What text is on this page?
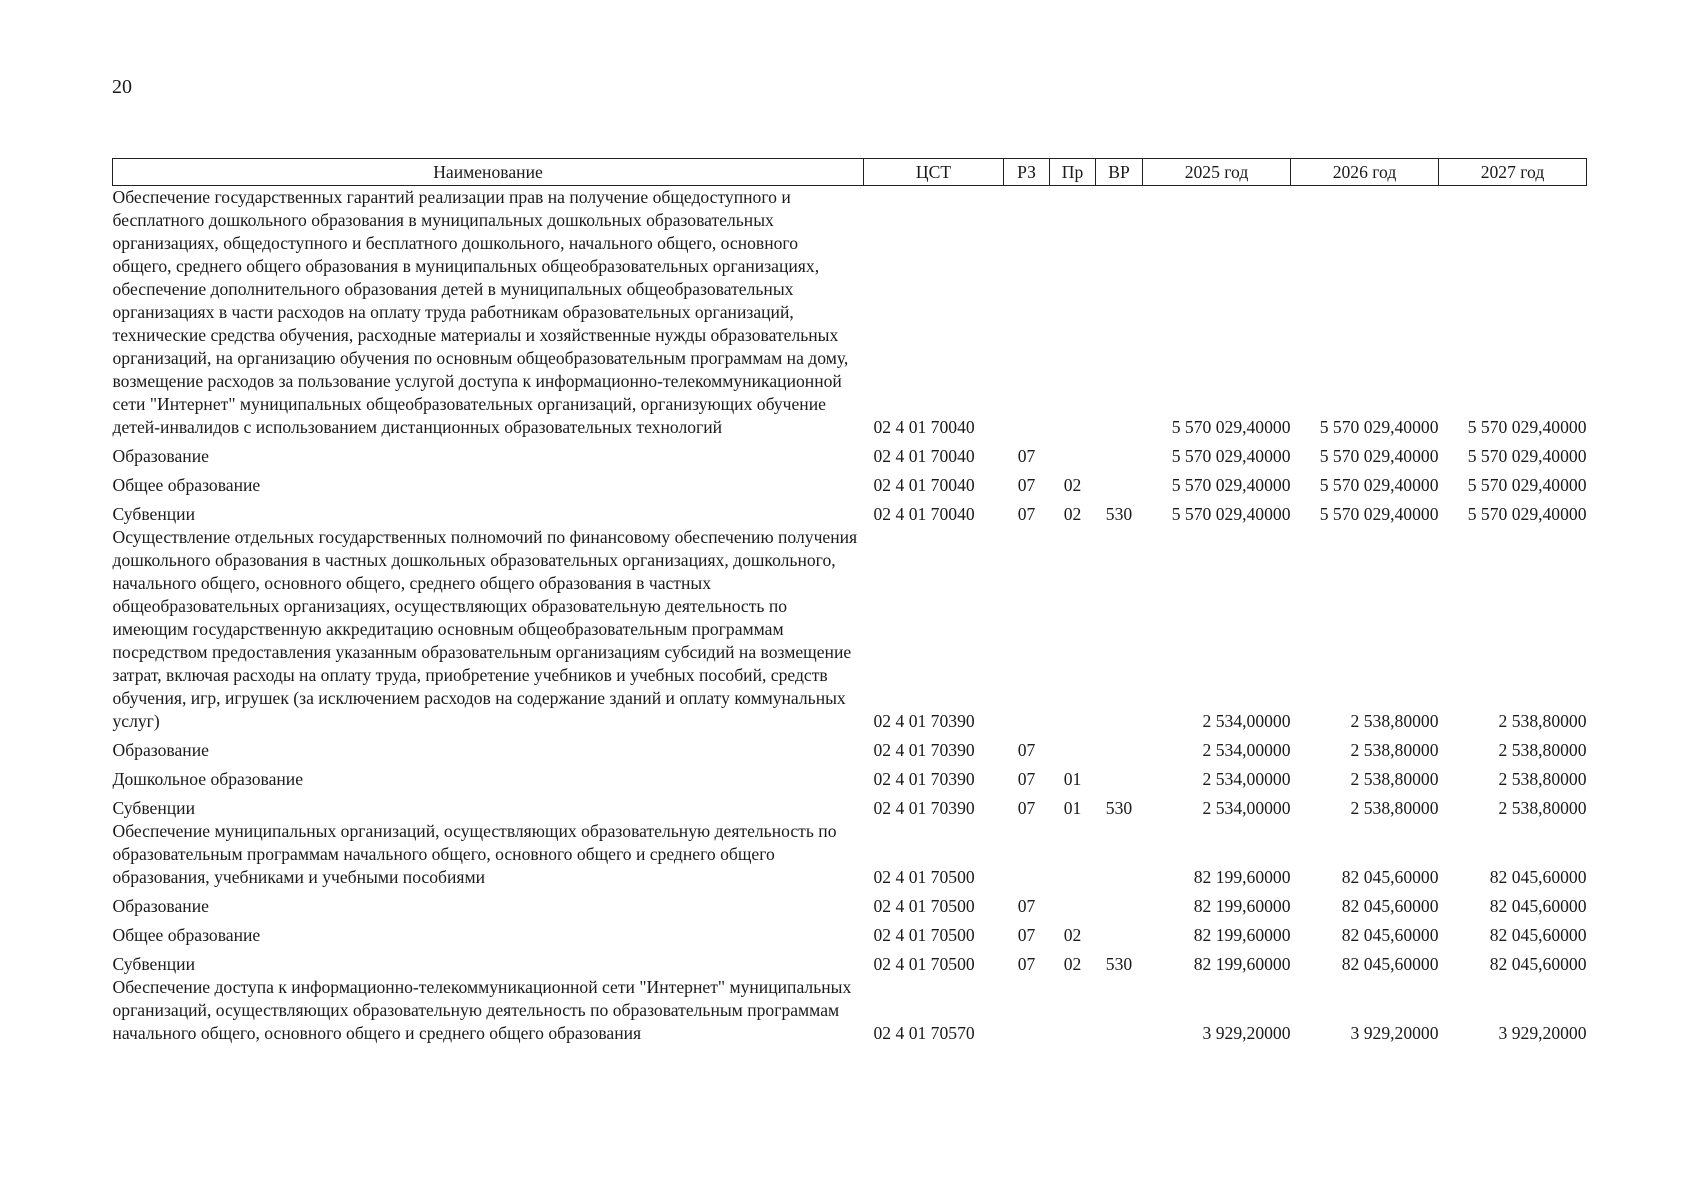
20
Наименование	ЦСТ	РЗ	Пр	ВР	2025 год	2026 год	2027 год
Обеспечение государственных гарантий реализации прав на получение общедоступного и бесплатного дошкольного образования в муниципальных дошкольных образовательных организациях, общедоступного и бесплатного дошкольного, начального общего, основного общего, среднего общего образования в муниципальных общеобразовательных организациях, обеспечение дополнительного образования детей в муниципальных общеобразовательных организациях в части расходов на оплату труда работникам образовательных организаций, технические средства обучения, расходные материалы и хозяйственные нужды образовательных организаций, на организацию обучения по основным общеобразовательным программам на дому, возмещение расходов за пользование услугой доступа к информационно-телекоммуникационной сети "Интернет" муниципальных общеобразовательных организаций, организующих обучение детей-инвалидов с использованием дистанционных образовательных технологий	02 4 01 70040				5 570 029,40000	5 570 029,40000	5 570 029,40000
Образование	02 4 01 70040	07			5 570 029,40000	5 570 029,40000	5 570 029,40000
Общее образование	02 4 01 70040	07	02		5 570 029,40000	5 570 029,40000	5 570 029,40000
Субвенции	02 4 01 70040	07	02	530	5 570 029,40000	5 570 029,40000	5 570 029,40000
Осуществление отдельных государственных полномочий по финансовому обеспечению получения дошкольного образования в частных дошкольных образовательных организациях, дошкольного, начального общего, основного общего, среднего общего образования в частных общеобразовательных организациях, осуществляющих образовательную деятельность по имеющим государственную аккредитацию основным общеобразовательным программам посредством предоставления указанным образовательным организациям субсидий на возмещение затрат, включая расходы на оплату труда, приобретение учебников и учебных пособий, средств обучения, игр, игрушек (за исключением расходов на содержание зданий и оплату коммунальных услуг)	02 4 01 70390				2 534,00000	2 538,80000	2 538,80000
Образование	02 4 01 70390	07			2 534,00000	2 538,80000	2 538,80000
Дошкольное образование	02 4 01 70390	07	01		2 534,00000	2 538,80000	2 538,80000
Субвенции	02 4 01 70390	07	01	530	2 534,00000	2 538,80000	2 538,80000
Обеспечение муниципальных организаций, осуществляющих образовательную деятельность по образовательным программам начального общего, основного общего и среднего общего образования, учебниками и учебными пособиями	02 4 01 70500				82 199,60000	82 045,60000	82 045,60000
Образование	02 4 01 70500	07			82 199,60000	82 045,60000	82 045,60000
Общее образование	02 4 01 70500	07	02		82 199,60000	82 045,60000	82 045,60000
Субвенции	02 4 01 70500	07	02	530	82 199,60000	82 045,60000	82 045,60000
Обеспечение доступа к информационно-телекоммуникационной сети "Интернет" муниципальных организаций, осуществляющих образовательную деятельность по образовательным программам начального общего, основного общего и среднего общего образования	02 4 01 70570				3 929,20000	3 929,20000	3 929,20000
